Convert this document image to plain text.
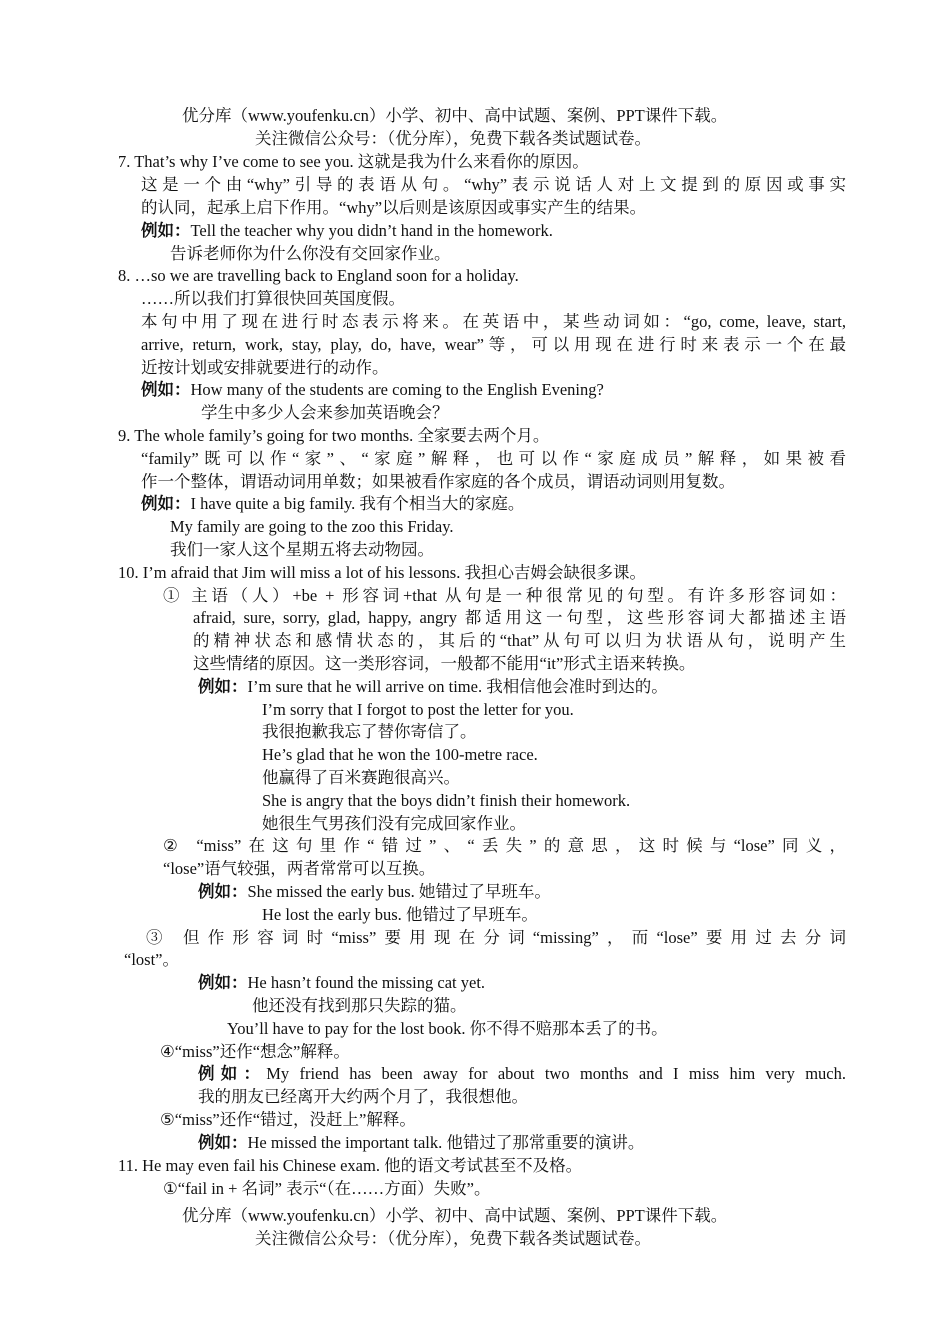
优分库（www.youfenku.cn）小学、初中、高中试题、案例、PPT课件下载。
关注微信公众号：（优分库），免费下载各类试题试卷。
7. That’s why I’ve come to see you. 这就是我为什么来看你的原因。
这是一个由“why”引导的表语从句。“why”表示说话人对上文提到的原因或事实
的认同，起承上启下作用。“why”以后则是该原因或事实产生的结果。
例如：Tell the teacher why you didn’t hand in the homework.
告诉老师你为什么你没有交回家作业。
8. …so we are travelling back to England soon for a holiday.
……所以我们打算很快回英国度假。
本句中用了现在进行时态表示将来。在英语中，某些动词如：“go, come, leave, start,
arrive, return, work, stay, play, do, have, wear”等，可以用现在进行时来表示一个在最
近按计划或安排就要进行的动作。
例如：How many of the students are coming to the English Evening?
学生中多少人会来参加英语晚会？
9. The whole family’s going for two months. 全家要去两个月。
“family”既可以作“家”、“家庭”解释，也可以作“家庭成员”解释，如果被看
作一个整体，谓语动词用单数；如果被看作家庭的各个成员，谓语动词则用复数。
例如：I have quite a big family. 我有个相当大的家庭。
My family are going to the zoo this Friday.
我们一家人这个星期五将去动物园。
10. I’m afraid that Jim will miss a lot of his lessons. 我担心吉姆会缺很多课。
① 主语（人）+be + 形容词+that 从句是一种很常见的句型。有许多形容词如：
afraid, sure, sorry, glad, happy, angry 都适用这一句型，这些形容词大都描述主语
的精神状态和感情状态的，其后的“that”从句可以归为状语从句，说明产生
这些情绪的原因。这一类形容词，一般都不能用“it”形式主语来转换。
例如：I’m sure that he will arrive on time. 我相信他会准时到达的。
I’m sorry that I forgot to post the letter for you.
我很抱歉我忘了替你寄信了。
He’s glad that he won the 100-metre race.
他赢得了百米赛跑很高兴。
She is angry that the boys didn’t finish their homework.
她很生气男孩们没有完成回家作业。
② “miss”在这句里作“错过”、“丢失”的意思，这时候与“lose”同义，
“lose”语气较强，两者常常可以互换。
例如：She missed the early bus. 她错过了早班车。
He lost the early bus. 他错过了早班车。
③ 但作形容词时“miss”要用现在分词“missing”，而“lose”要用过去分词
“lost”。
例如：He hasn’t found the missing cat yet.
他还没有找到那只失踪的猫。
You’ll have to pay for the lost book. 你不得不赔那本丢了的书。
④“miss”还作“想念”解释。
例如：My friend has been away for about two months and I miss him very much.
我的朋友已经离开大约两个月了，我很想他。
⑤“miss”还作“错过，没赶上”解释。
例如：He missed the important talk. 他错过了那常重要的演讲。
11. He may even fail his Chinese exam. 他的语文考试甚至不及格。
①“fail in + 名词” 表示“（在……方面）失败”。
优分库（www.youfenku.cn）小学、初中、高中试题、案例、PPT课件下载。
关注微信公众号：（优分库），免费下载各类试题试卷。
